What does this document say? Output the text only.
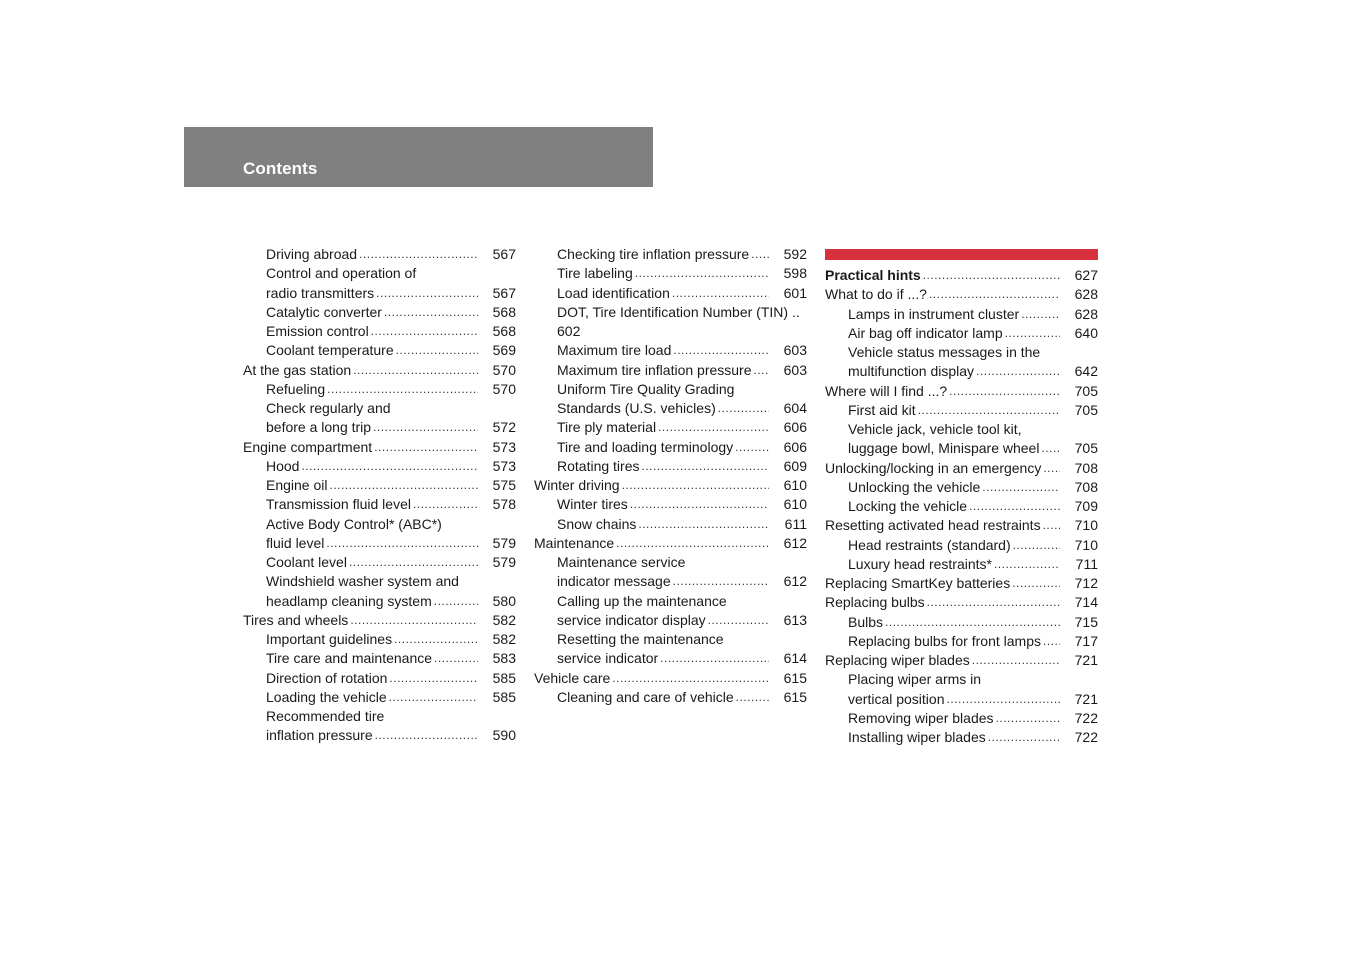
Contents
Driving abroad .....	567
Control and operation of
radio transmitters .....	567
Catalytic converter .....	568
Emission control .....	568
Coolant temperature .....	569
At the gas station .....	570
Refueling .....	570
Check regularly and
before a long trip .....	572
Engine compartment .....	573
Hood .....	573
Engine oil .....	575
Transmission fluid level .....	578
Active Body Control* (ABC*)
fluid level .....	579
Coolant level .....	579
Windshield washer system and
headlamp cleaning system .....	580
Tires and wheels .....	582
Important guidelines .....	582
Tire care and maintenance .....	583
Direction of rotation .....	585
Loading the vehicle .....	585
Recommended tire
inflation pressure .....	590
Checking tire inflation pressure .....	592
Tire labeling .....	598
Load identification .....	601
DOT, Tire Identification Number (TIN) ..
602
Maximum tire load .....	603
Maximum tire inflation pressure .....	603
Uniform Tire Quality Grading
Standards (U.S. vehicles) .....	604
Tire ply material .....	606
Tire and loading terminology .....	606
Rotating tires .....	609
Winter driving .....	610
Winter tires .....	610
Snow chains .....	611
Maintenance .....	612
Maintenance service
indicator message .....	612
Calling up the maintenance
service indicator display .....	613
Resetting the maintenance
service indicator .....	614
Vehicle care .....	615
Cleaning and care of vehicle .....	615
Practical hints .....	627
What to do if ...? .....	628
Lamps in instrument cluster .....	628
Air bag off indicator lamp .....	640
Vehicle status messages in the
multifunction display .....	642
Where will I find ...? .....	705
First aid kit .....	705
Vehicle jack, vehicle tool kit,
luggage bowl, Minispare wheel .....	705
Unlocking/locking in an emergency .....	708
Unlocking the vehicle .....	708
Locking the vehicle .....	709
Resetting activated head restraints .....	710
Head restraints (standard) .....	710
Luxury head restraints* .....	711
Replacing SmartKey batteries .....	712
Replacing bulbs .....	714
Bulbs .....	715
Replacing bulbs for front lamps .....	717
Replacing wiper blades .....	721
Placing wiper arms in
vertical position .....	721
Removing wiper blades .....	722
Installing wiper blades .....	722
